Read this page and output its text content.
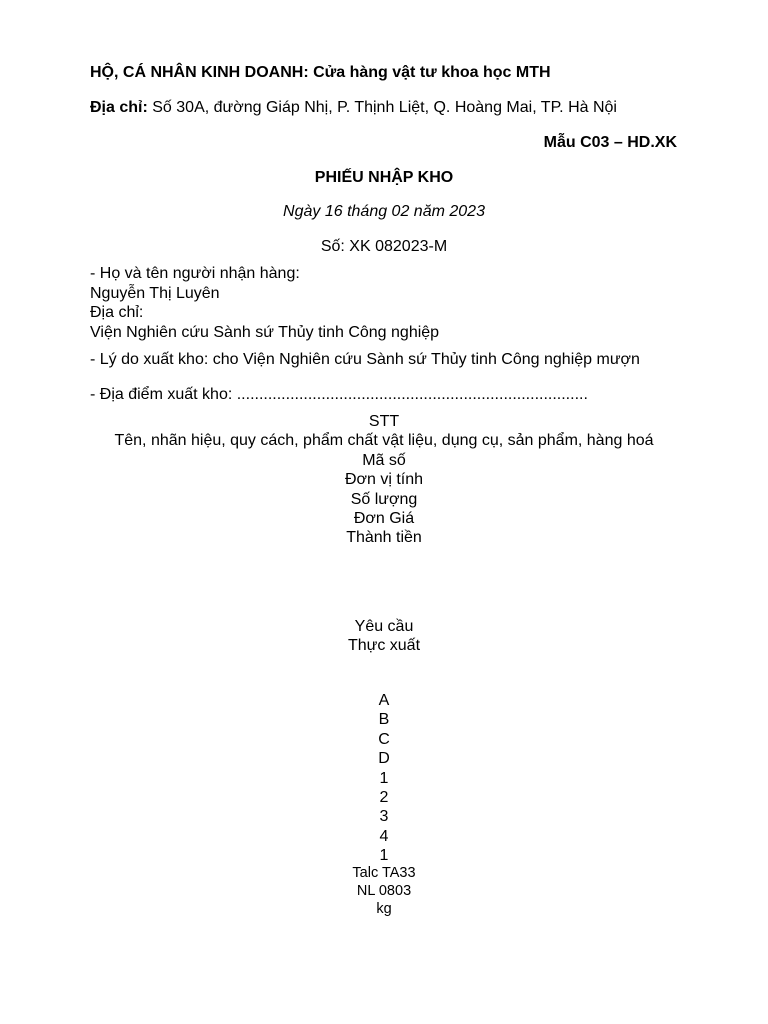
HỘ, CÁ NHÂN KINH DOANH: Cửa hàng vật tư khoa học MTH
Địa chỉ: Số 30A, đường Giáp Nhị, P. Thịnh Liệt, Q. Hoàng Mai, TP. Hà Nội
Mẫu C03 – HD.XK
PHIẾU NHẬP KHO
Ngày 16 tháng 02 năm 2023
Số: XK 082023-M
- Họ và tên người nhận hàng:
Nguyễn Thị Luyên
Địa chỉ:
Viện Nghiên cứu Sành sứ Thủy tinh Công nghiệp
- Lý do xuất kho: cho Viện Nghiên cứu Sành sứ Thủy tinh Công nghiệp mượn
- Địa điểm xuất kho: ...............................................................................
STT
Tên, nhãn hiệu, quy cách, phẩm chất vật liệu, dụng cụ, sản phẩm, hàng hoá
Mã số
Đơn vị tính
Số lượng
Đơn Giá
Thành tiền
Yêu cầu
Thực xuất
A
B
C
D
1
2
3
4
1
Talc TA33
NL 0803
kg
